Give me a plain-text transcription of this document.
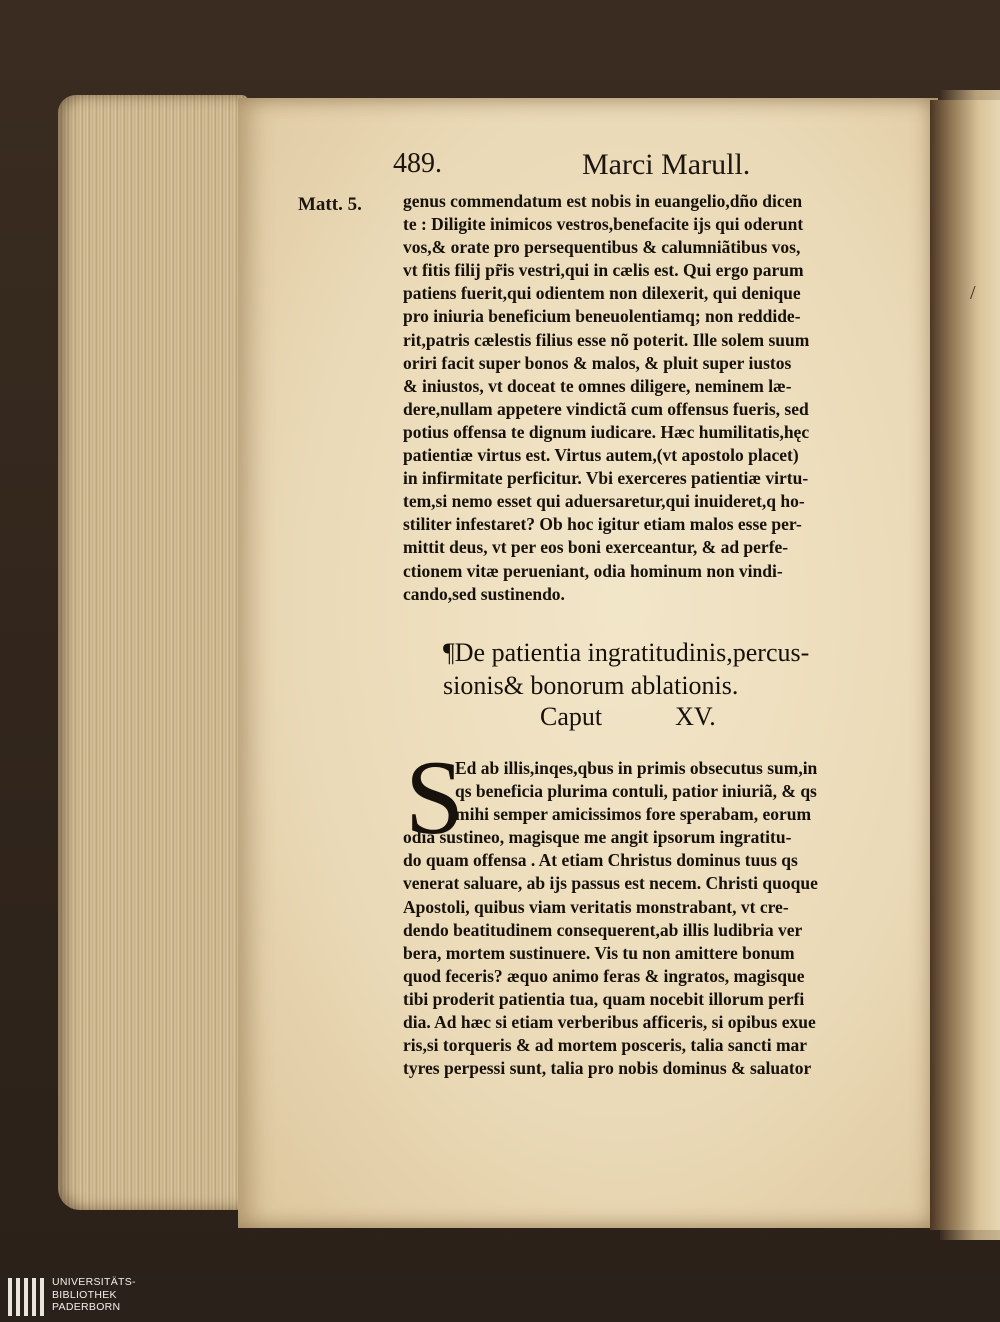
489.	Marci Marull.
Matt. 5.
/
genus commendatum est nobis in euangelio,dño dicen
te : Diligite inimicos vestros,benefacite ijs qui oderunt
vos,& orate pro persequentibus & calumniãtibus vos,
vt fitis filij pr̃is vestri,qui in cælis est. Qui ergo parum
patiens fuerit,qui odientem non dilexerit, qui denique
pro iniuria beneficium beneuolentiamq; non reddide-
rit,patris cælestis filius esse nõ poterit. Ille solem suum
oriri facit super bonos & malos, & pluit super iustos
& iniustos, vt doceat te omnes diligere, neminem læ-
dere,nullam appetere vindictã cum offensus fueris, sed
potius offensa te dignum iudicare. Hæc humilitatis,hęc
patientiæ virtus est. Virtus autem,(vt apostolo placet)
in infirmitate perficitur. Vbi exerceres patientiæ virtu-
tem,si nemo esset qui aduersaretur,qui inuideret,q ho-
stiliter infestaret? Ob hoc igitur etiam malos esse per-
mittit deus, vt per eos boni exerceantur, & ad perfe-
ctionem vitæ perueniant, odia hominum non vindi-
cando,sed sustinendo.
¶De patientia ingratitudinis,percus-
sionis& bonorum ablationis.
Caput	XV.
S
Ed ab illis,inqes,qbus in primis obsecutus sum,in
qs beneficia plurima contuli, patior iniuriã, & qs
mihi semper amicissimos fore sperabam, eorum
odia sustineo, magisque me angit ipsorum ingratitu-
do quam offensa . At etiam Christus dominus tuus qs
venerat saluare, ab ijs passus est necem. Christi quoque
Apostoli, quibus viam veritatis monstrabant, vt cre-
dendo beatitudinem consequerent,ab illis ludibria ver
bera, mortem sustinuere. Vis tu non amittere bonum
quod feceris? æquo animo feras & ingratos, magisque
tibi proderit patientia tua, quam nocebit illorum perfi
dia. Ad hæc si etiam verberibus afficeris, si opibus exue
ris,si torqueris & ad mortem posceris, talia sancti mar
tyres perpessi sunt, talia pro nobis dominus & saluator
UNIVERSITÄTS-
BIBLIOTHEK
PADERBORN
